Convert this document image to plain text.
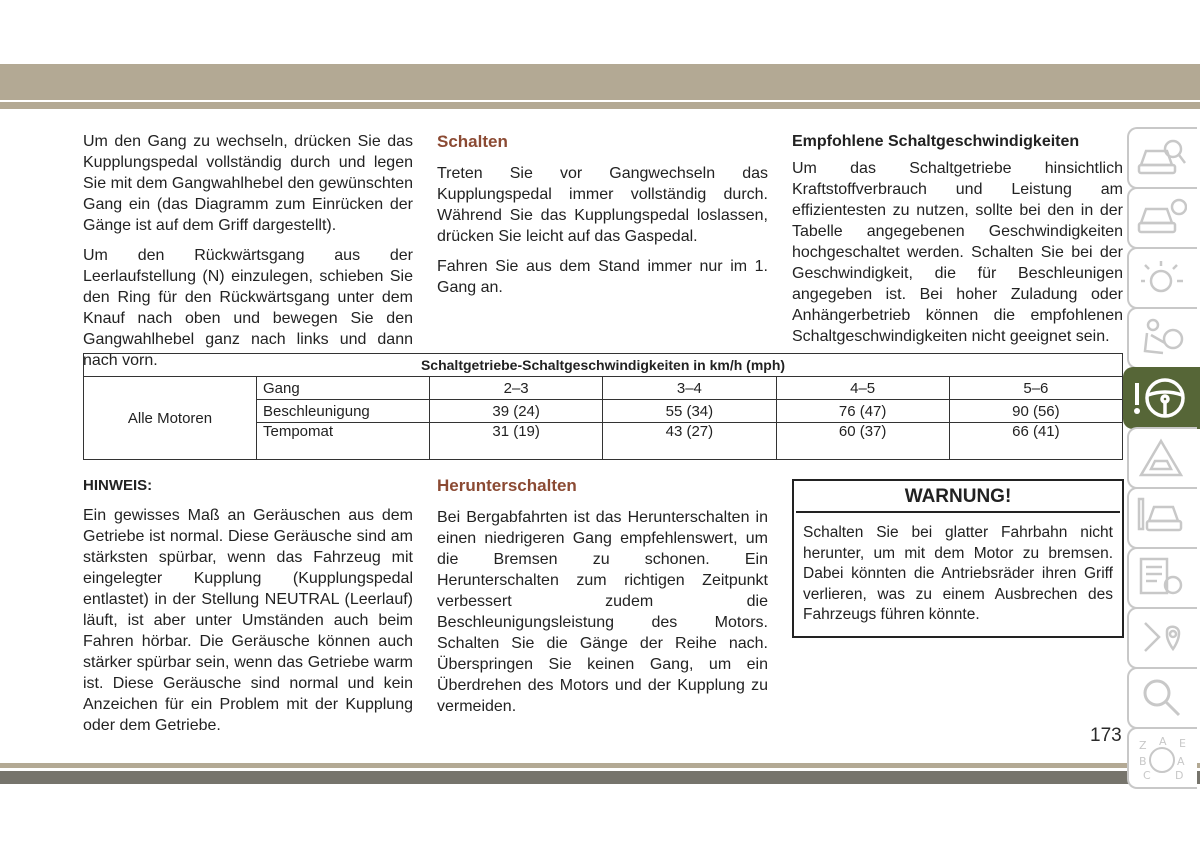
Um den Gang zu wechseln, drücken Sie das Kupplungspedal vollständig durch und legen Sie mit dem Gangwahlhebel den gewünschten Gang ein (das Diagramm zum Einrücken der Gänge ist auf dem Griff dargestellt).

Um den Rückwärtsgang aus der Leerlaufstellung (N) einzulegen, schieben Sie den Ring für den Rückwärtsgang unter dem Knauf nach oben und bewegen Sie den Gangwahlhebel ganz nach links und dann nach vorn.

Schalten

Treten Sie vor Gangwechseln das Kupplungspedal immer vollständig durch. Während Sie das Kupplungspedal loslassen, drücken Sie leicht auf das Gaspedal.

Fahren Sie aus dem Stand immer nur im 1. Gang an.

Empfohlene Schaltgeschwindigkeiten

Um das Schaltgetriebe hinsichtlich Kraftstoffverbrauch und Leistung am effizientesten zu nutzen, sollte bei den in der Tabelle angegebenen Geschwindigkeiten hochgeschaltet werden. Schalten Sie bei der Geschwindigkeit, die für Beschleunigen angegeben ist. Bei hoher Zuladung oder Anhängerbetrieb können die empfohlenen Schaltgeschwindigkeiten nicht geeignet sein.

Schaltgetriebe-Schaltgeschwindigkeiten in km/h (mph)					
Alle Motoren	Gang	2–3	3–4	4–5	5–6
	Beschleunigung	39 (24)	55 (34)	76 (47)	90 (56)
	Tempomat	31 (19)	43 (27)	60 (37)	66 (41)

HINWEIS:

Ein gewisses Maß an Geräuschen aus dem Getriebe ist normal. Diese Geräusche sind am stärksten spürbar, wenn das Fahrzeug mit eingelegter Kupplung (Kupplungspedal entlastet) in der Stellung NEUTRAL (Leerlauf) läuft, ist aber unter Umständen auch beim Fahren hörbar. Die Geräusche können auch stärker spürbar sein, wenn das Getriebe warm ist. Diese Geräusche sind normal und kein Anzeichen für ein Problem mit der Kupplung oder dem Getriebe.

Herunterschalten

Bei Bergabfahrten ist das Herunterschalten in einen niedrigeren Gang empfehlenswert, um die Bremsen zu schonen. Ein Herunterschalten zum richtigen Zeitpunkt verbessert zudem die Beschleunigungsleistung des Motors. Schalten Sie die Gänge der Reihe nach. Überspringen Sie keinen Gang, um ein Überdrehen des Motors und der Kupplung zu vermeiden.

WARNUNG!
Schalten Sie bei glatter Fahrbahn nicht herunter, um mit dem Motor zu bremsen. Dabei könnten die Antriebsräder ihren Griff verlieren, was zu einem Ausbrechen des Fahrzeugs führen könnte.
173 Z	E
A
B
C
A
D
